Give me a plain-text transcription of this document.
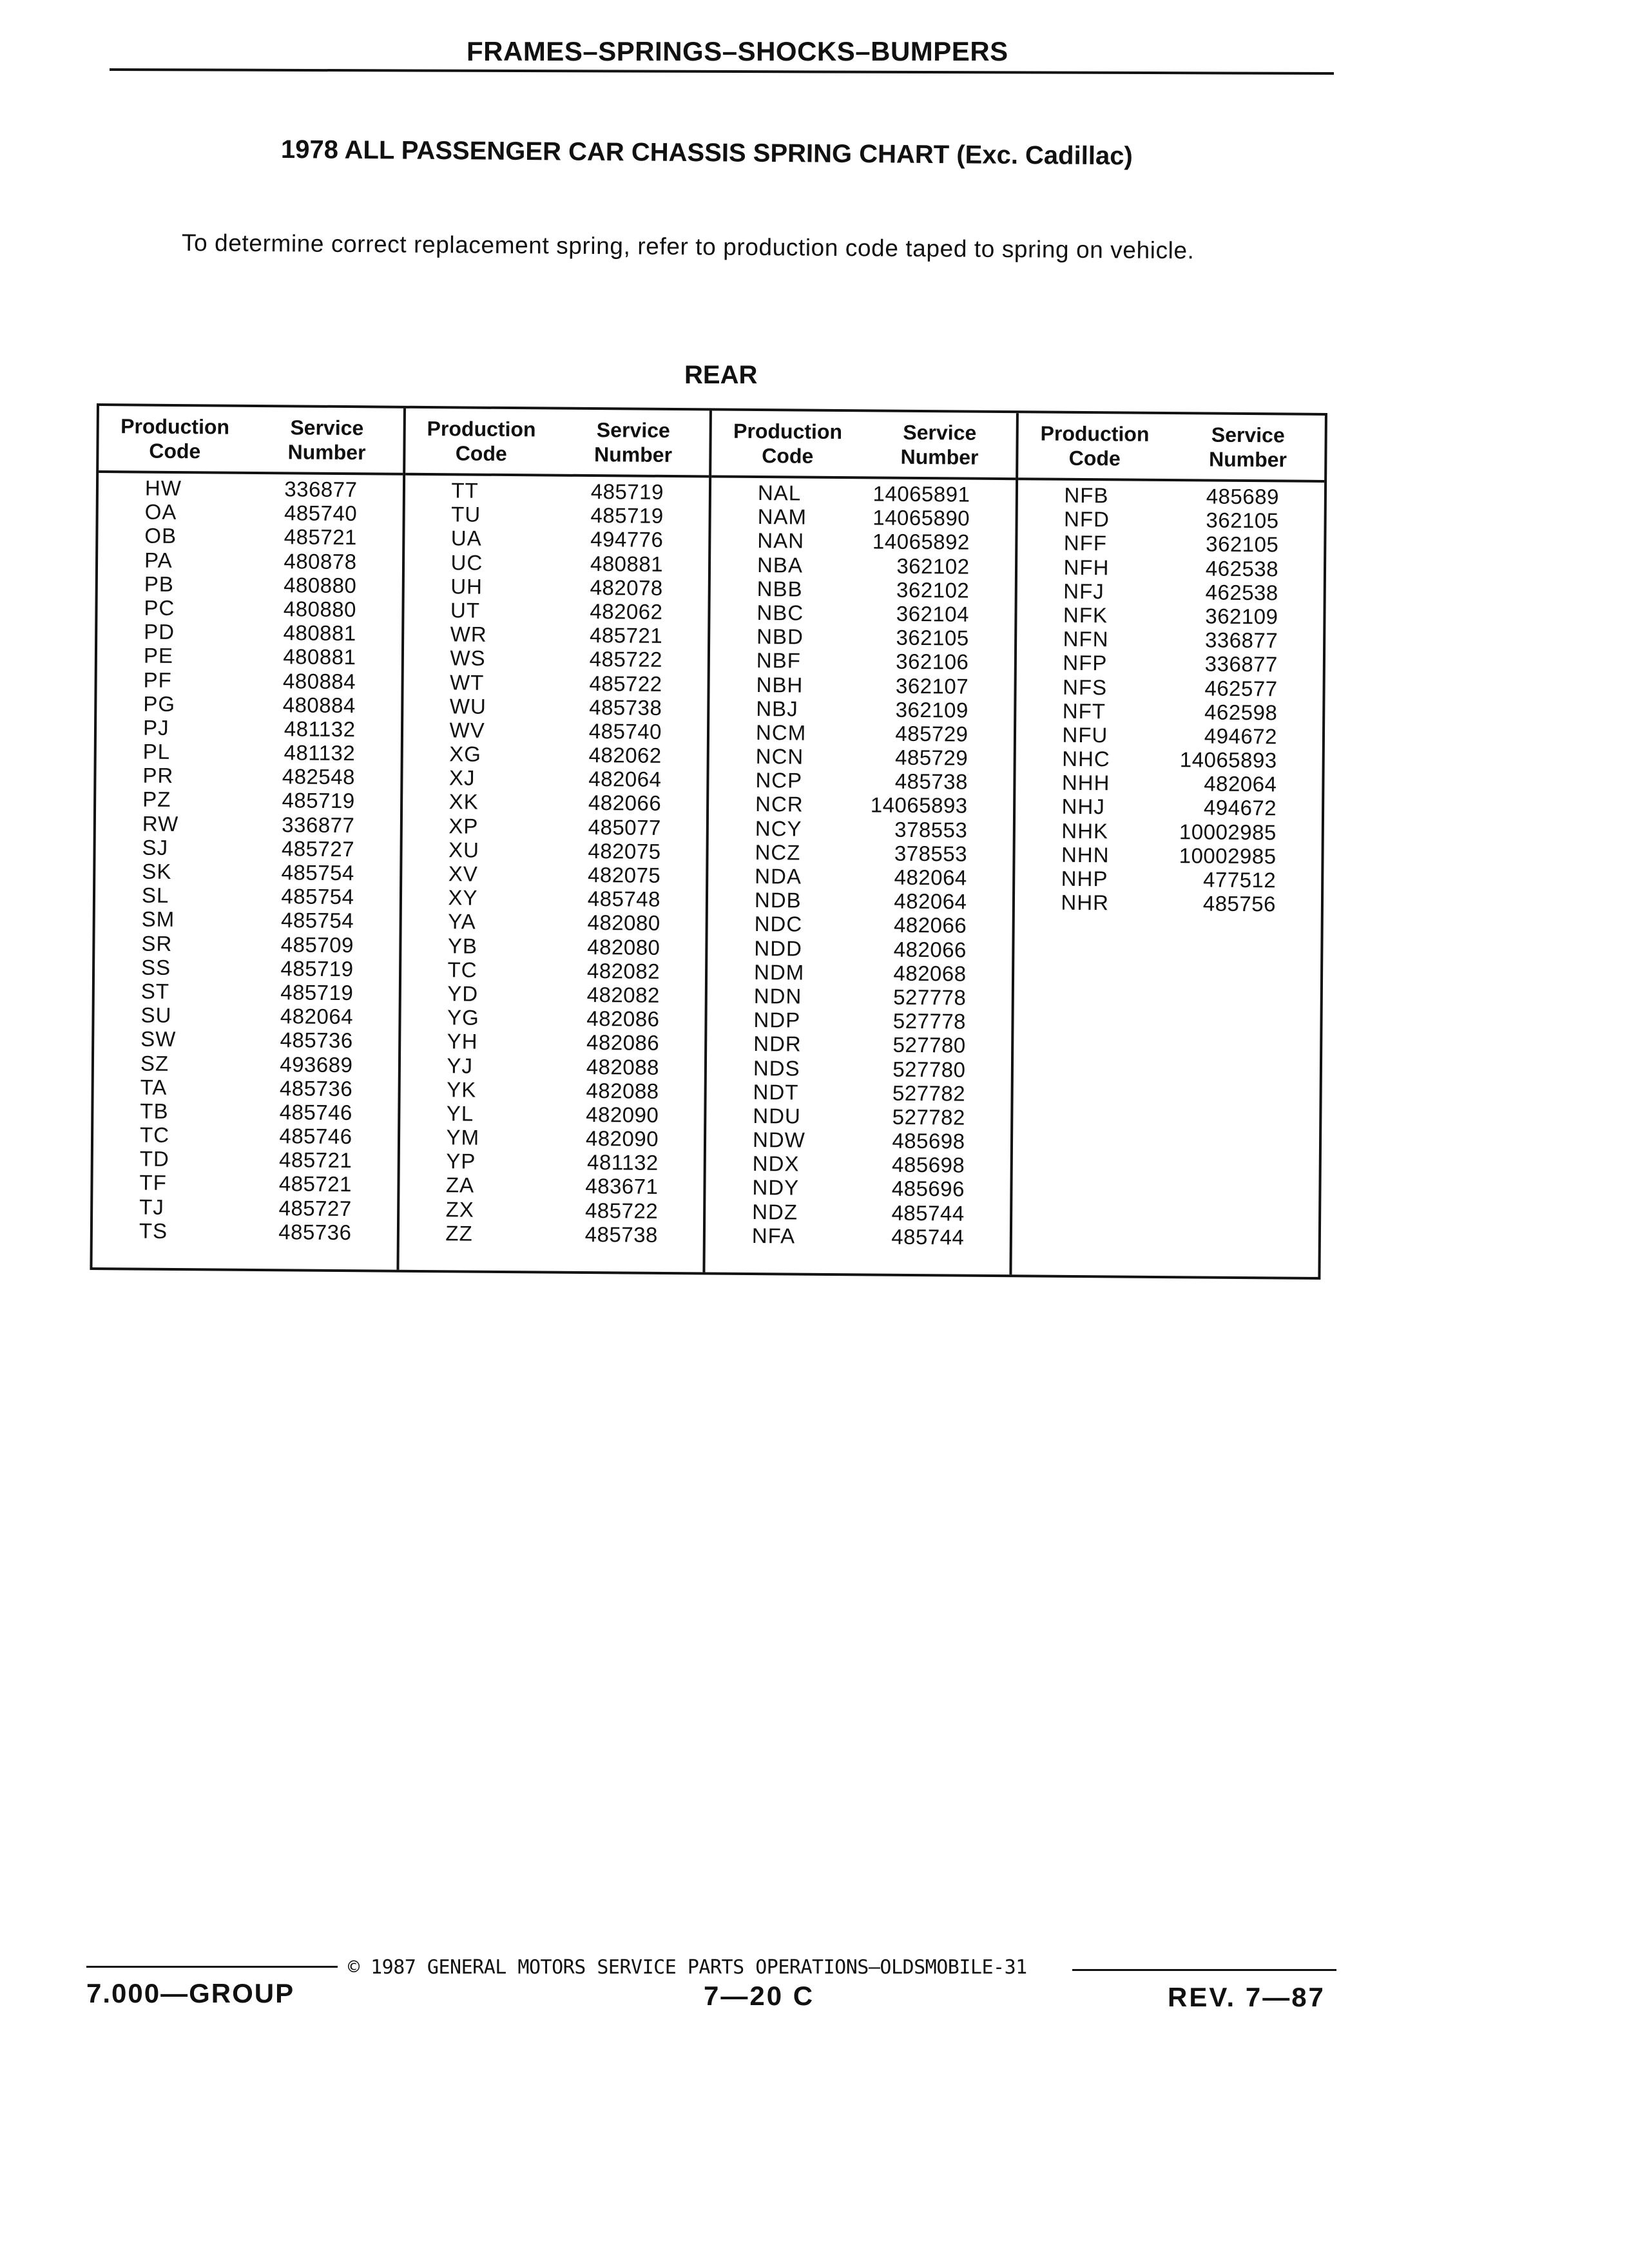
FRAMES–SPRINGS–SHOCKS–BUMPERS
1978 ALL PASSENGER CAR CHASSIS SPRING CHART (Exc. Cadillac)
To determine correct replacement spring, refer to production code taped to spring on vehicle.
REAR
Production
Code
Service
Number
HW	336877
OA	485740
OB	485721
PA	480878
PB	480880
PC	480880
PD	480881
PE	480881
PF	480884
PG	480884
PJ	481132
PL	481132
PR	482548
PZ	485719
RW	336877
SJ	485727
SK	485754
SL	485754
SM	485754
SR	485709
SS	485719
ST	485719
SU	482064
SW	485736
SZ	493689
TA	485736
TB	485746
TC	485746
TD	485721
TF	485721
TJ	485727
TS	485736
Production
Code
Service
Number
TT	485719
TU	485719
UA	494776
UC	480881
UH	482078
UT	482062
WR	485721
WS	485722
WT	485722
WU	485738
WV	485740
XG	482062
XJ	482064
XK	482066
XP	485077
XU	482075
XV	482075
XY	485748
YA	482080
YB	482080
TC	482082
YD	482082
YG	482086
YH	482086
YJ	482088
YK	482088
YL	482090
YM	482090
YP	481132
ZA	483671
ZX	485722
ZZ	485738
Production
Code
Service
Number
NAL	14065891
NAM	14065890
NAN	14065892
NBA	362102
NBB	362102
NBC	362104
NBD	362105
NBF	362106
NBH	362107
NBJ	362109
NCM	485729
NCN	485729
NCP	485738
NCR	14065893
NCY	378553
NCZ	378553
NDA	482064
NDB	482064
NDC	482066
NDD	482066
NDM	482068
NDN	527778
NDP	527778
NDR	527780
NDS	527780
NDT	527782
NDU	527782
NDW	485698
NDX	485698
NDY	485696
NDZ	485744
NFA	485744
Production
Code
Service
Number
NFB	485689
NFD	362105
NFF	362105
NFH	462538
NFJ	462538
NFK	362109
NFN	336877
NFP	336877
NFS	462577
NFT	462598
NFU	494672
NHC	14065893
NHH	482064
NHJ	494672
NHK	10002985
NHN	10002985
NHP	477512
NHR	485756
© 1987 GENERAL MOTORS SERVICE PARTS OPERATIONS—OLDSMOBILE-31
7.000—GROUP	7—20 C	REV. 7—87
